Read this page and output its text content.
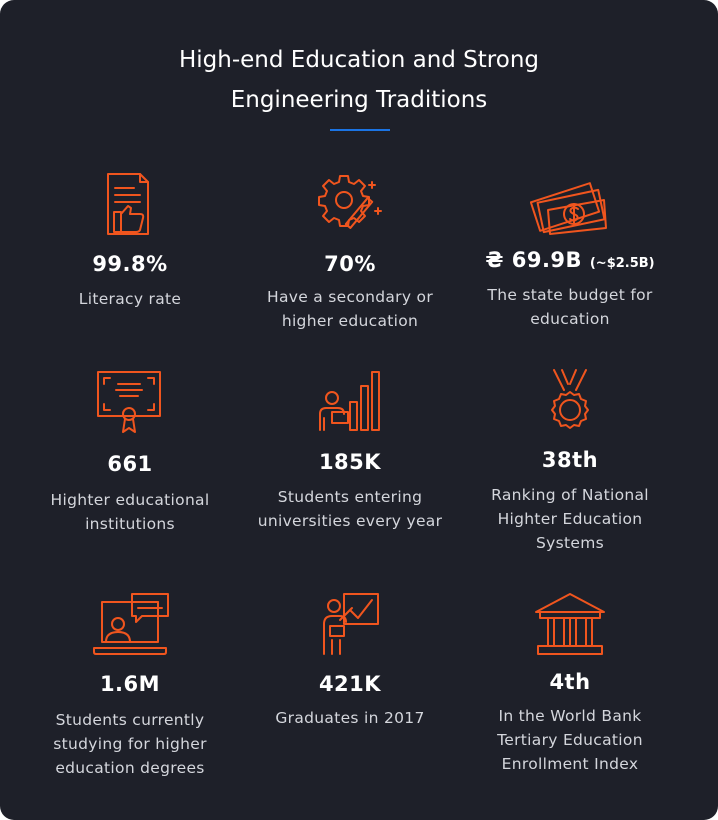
High-end Education and Strong
Engineering Traditions
99.8%
Literacy rate
70%
Have a secondary or
higher education
₴ 69.9B (~$2.5B)
The state budget for
education
661
Highter educational
institutions
185K
Students entering
universities every year
38th
Ranking of National
Highter Education
Systems
1.6M
Students currently
studying for higher
education degrees
421K
Graduates in 2017
4th
In the World Bank
Tertiary Education
Enrollment Index
